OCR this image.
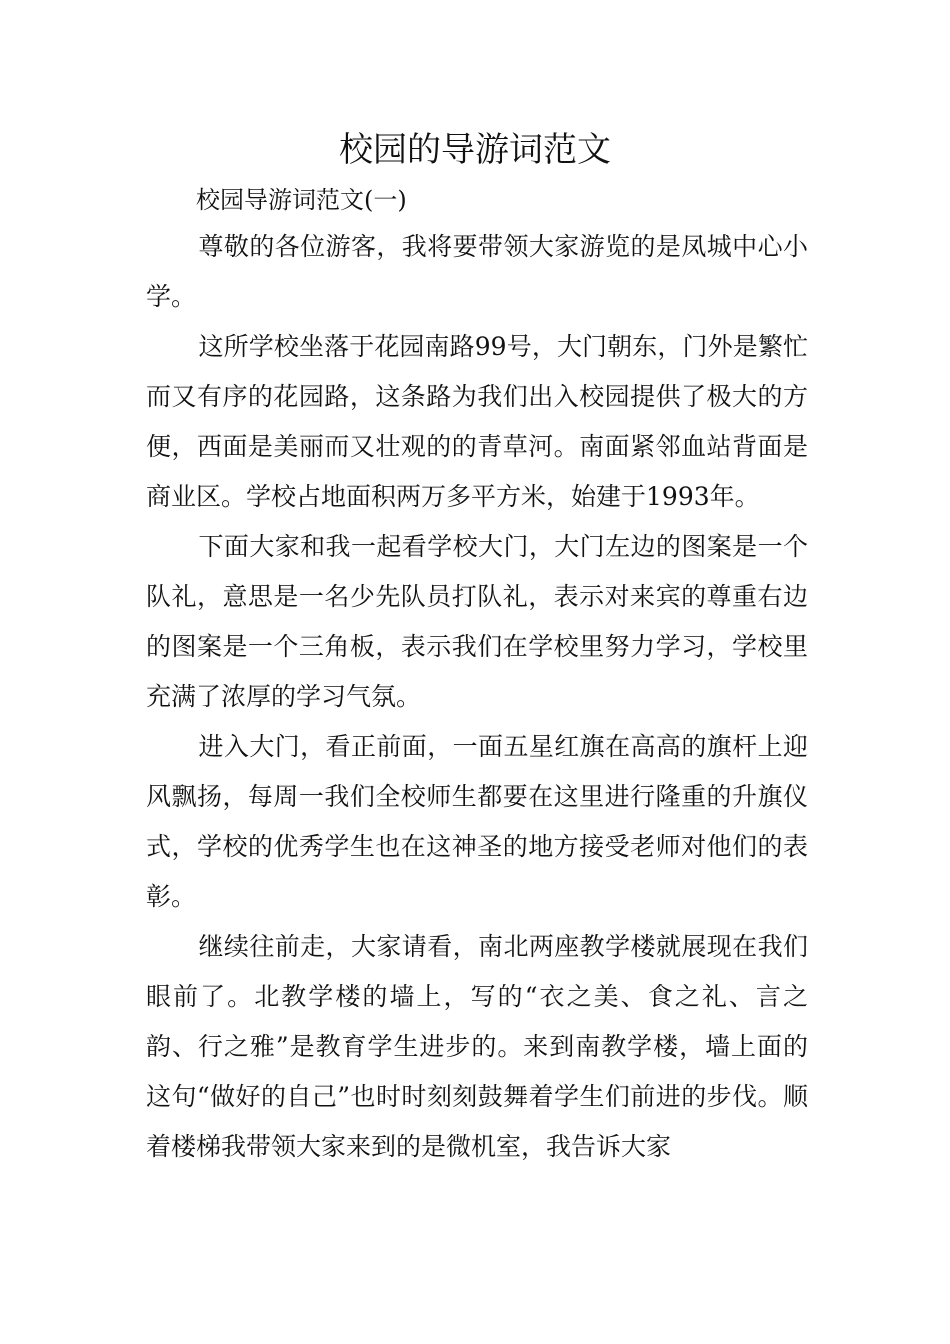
校园的导游词范文

校园导游词范文(一)

尊敬的各位游客，我将要带领大家游览的是凤城中心小学。

这所学校坐落于花园南路99号，大门朝东，门外是繁忙而又有序的花园路，这条路为我们出入校园提供了极大的方便，西面是美丽而又壮观的的青草河。南面紧邻血站背面是商业区。学校占地面积两万多平方米，始建于1993年。

下面大家和我一起看学校大门，大门左边的图案是一个队礼，意思是一名少先队员打队礼，表示对来宾的尊重右边的图案是一个三角板，表示我们在学校里努力学习，学校里充满了浓厚的学习气氛。

进入大门，看正前面，一面五星红旗在高高的旗杆上迎风飘扬，每周一我们全校师生都要在这里进行隆重的升旗仪式，学校的优秀学生也在这神圣的地方接受老师对他们的表彰。

继续往前走，大家请看，南北两座教学楼就展现在我们眼前了。北教学楼的墙上，写的“衣之美、食之礼、言之韵、行之雅”是教育学生进步的。来到南教学楼，墙上面的这句“做好的自己”也时时刻刻鼓舞着学生们前进的步伐。顺着楼梯我带领大家来到的是微机室，我告诉大家
